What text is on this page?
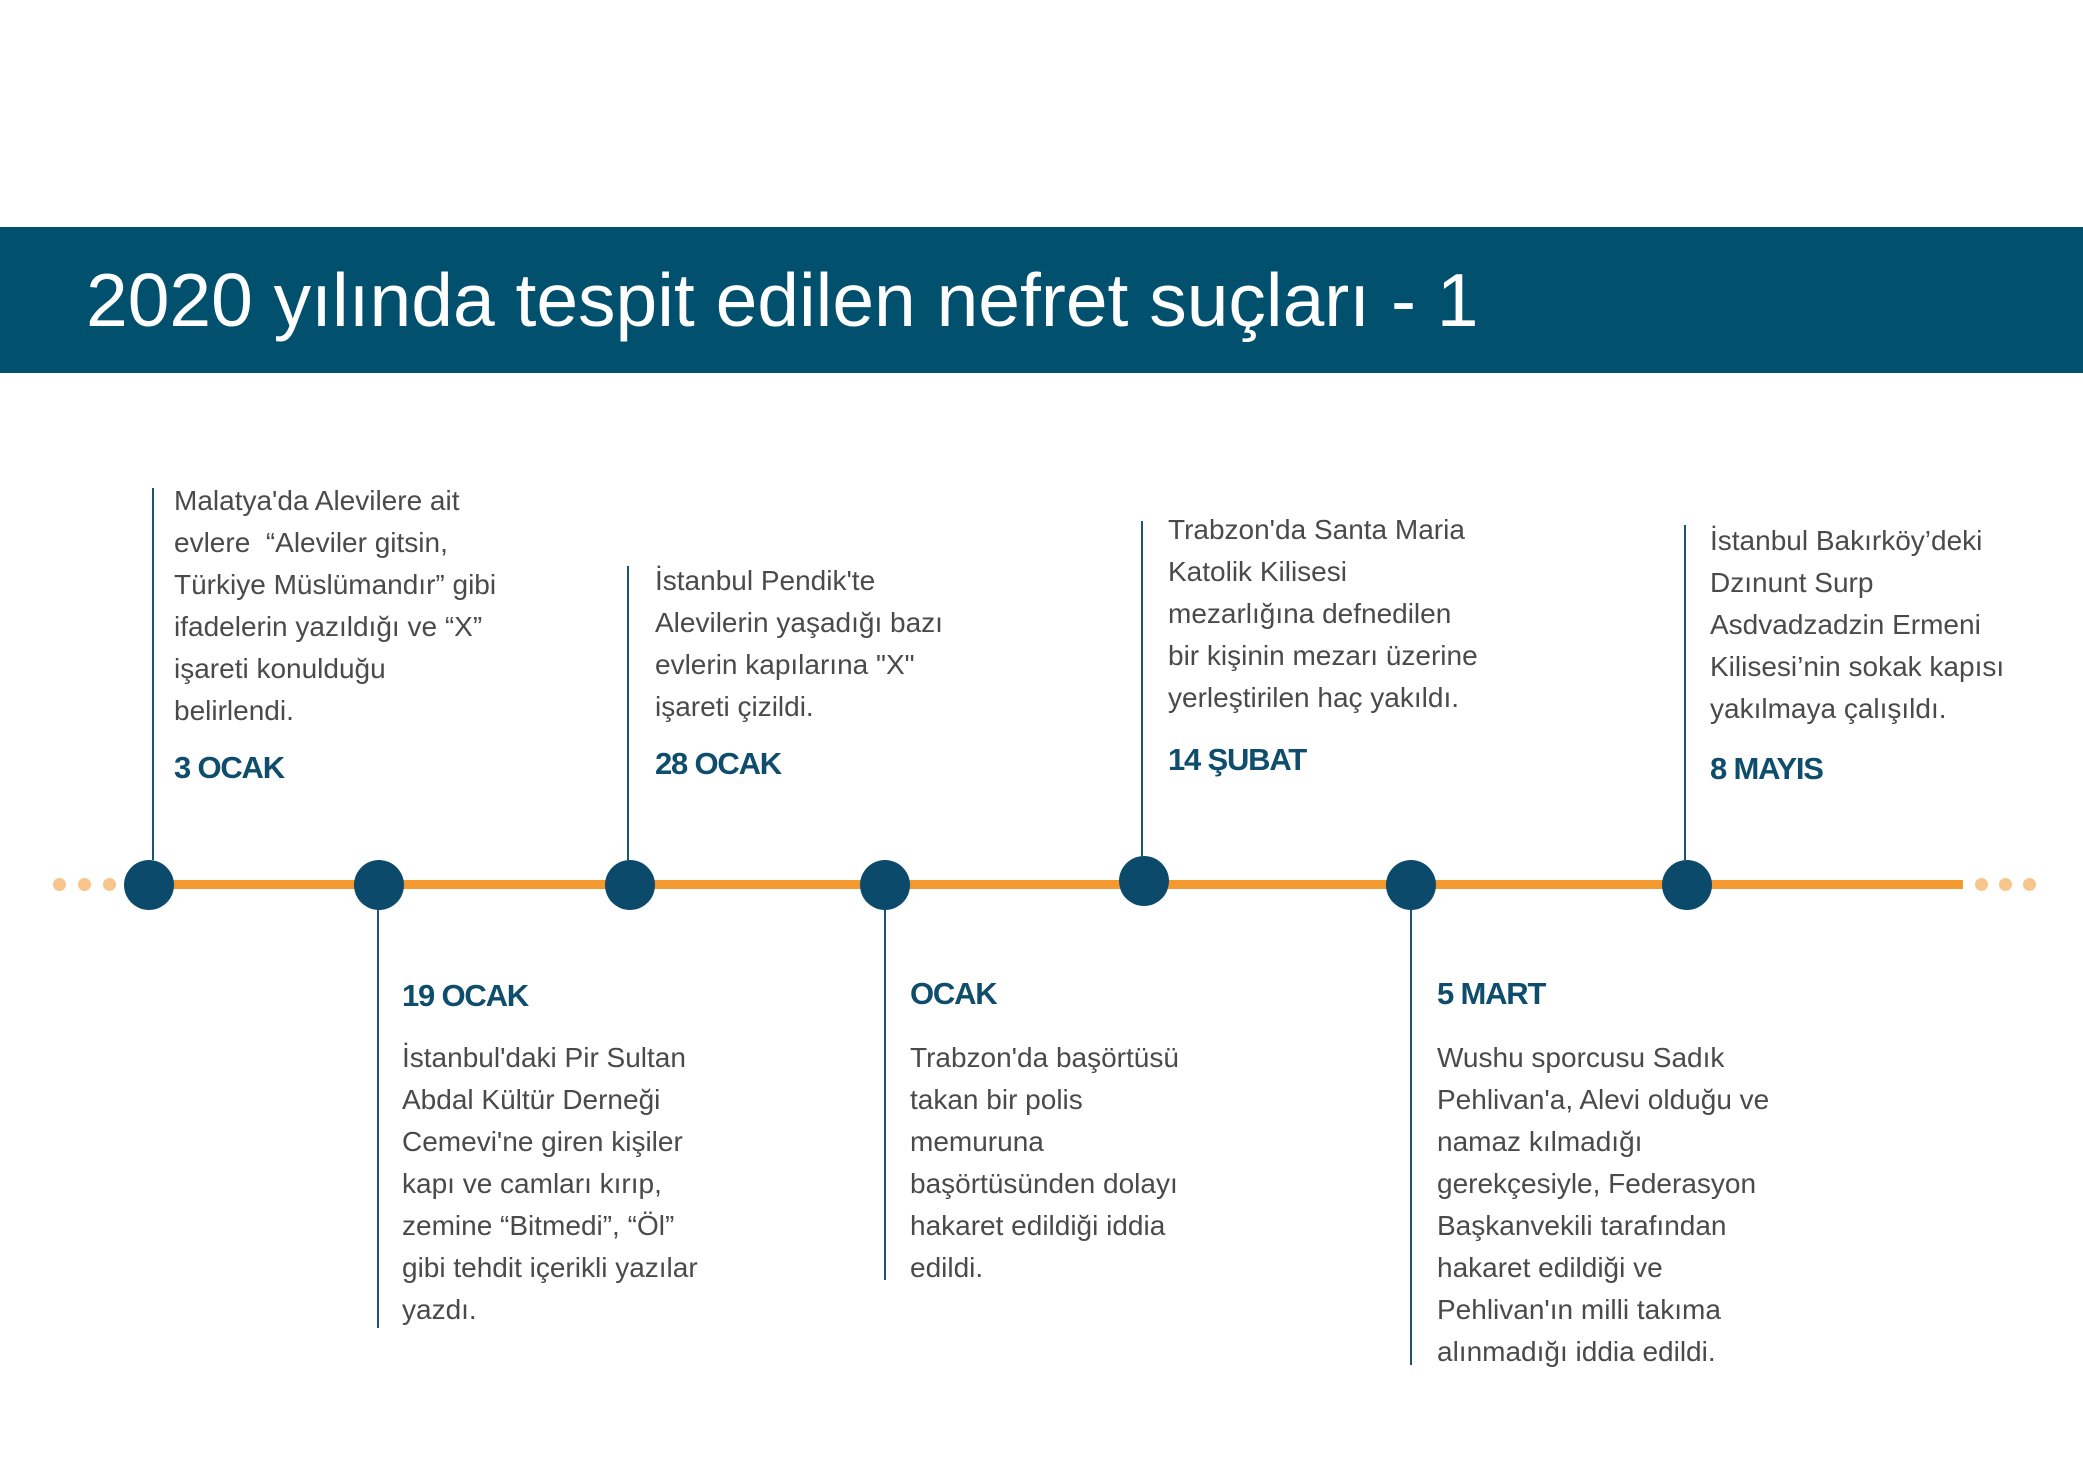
2020 yılında tespit edilen nefret suçları - 1
Malatya'da Alevilere ait
evlere  “Aleviler gitsin,
Türkiye Müslümandır” gibi
ifadelerin yazıldığı ve “X”
işareti konulduğu
belirlendi.
3 OCAK
19 OCAK
İstanbul'daki Pir Sultan
Abdal Kültür Derneği
Cemevi'ne giren kişiler
kapı ve camları kırıp,
zemine “Bitmedi”, “Öl”
gibi tehdit içerikli yazılar
yazdı.
İstanbul Pendik'te
Alevilerin yaşadığı bazı
evlerin kapılarına "X"
işareti çizildi.
28 OCAK
OCAK
Trabzon'da başörtüsü
takan bir polis
memuruna
başörtüsünden dolayı
hakaret edildiği iddia
edildi.
Trabzon'da Santa Maria
Katolik Kilisesi
mezarlığına defnedilen
bir kişinin mezarı üzerine
yerleştirilen haç yakıldı.
14 ŞUBAT
5 MART
Wushu sporcusu Sadık
Pehlivan'a, Alevi olduğu ve
namaz kılmadığı
gerekçesiyle, Federasyon
Başkanvekili tarafından
hakaret edildiği ve
Pehlivan'ın milli takıma
alınmadığı iddia edildi.
İstanbul Bakırköy’deki
Dzınunt Surp
Asdvadzadzin Ermeni
Kilisesi’nin sokak kapısı
yakılmaya çalışıldı.
8 MAYIS
